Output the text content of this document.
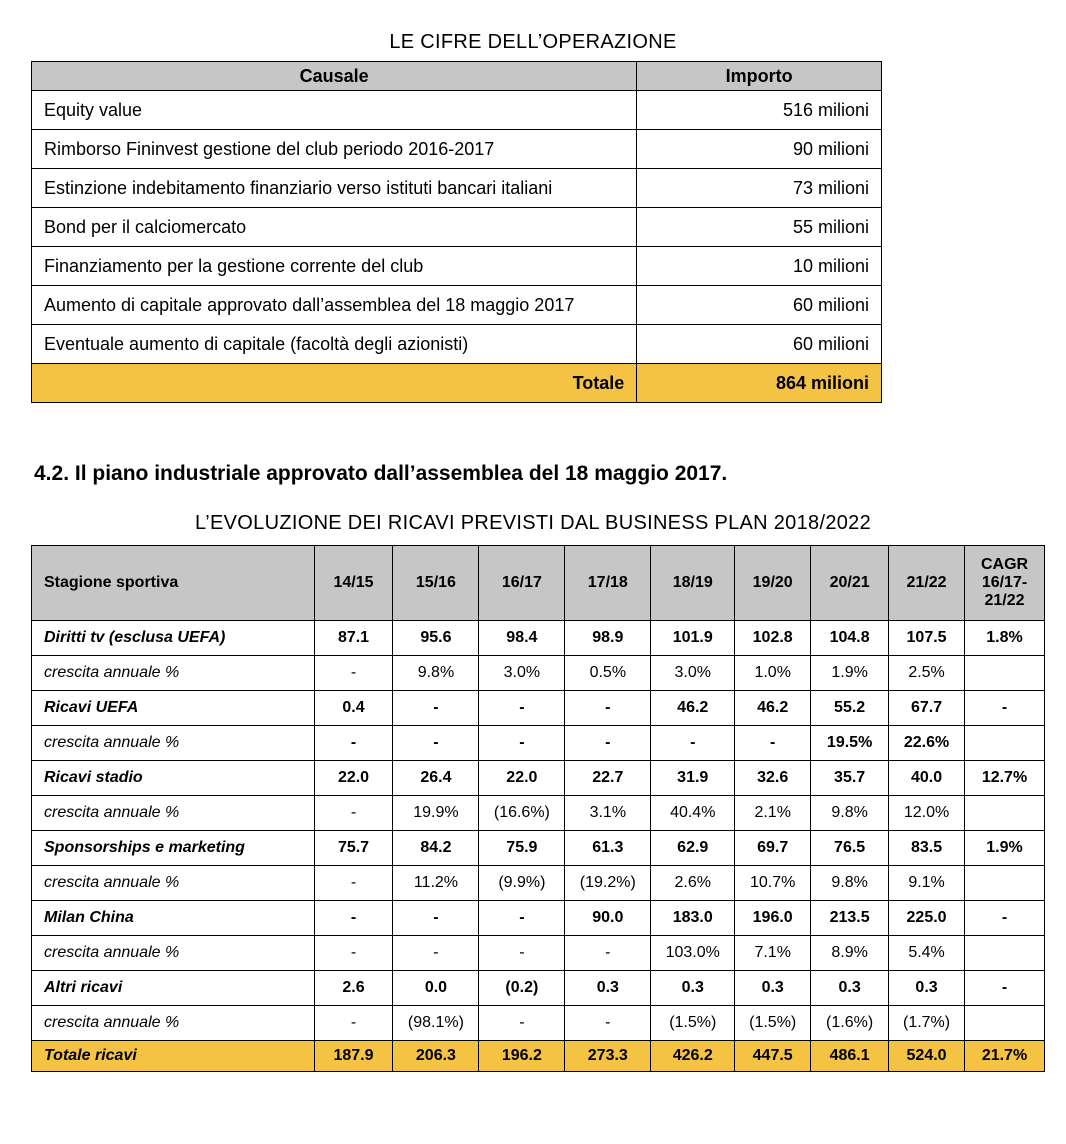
LE CIFRE DELL’OPERAZIONE
Causale	Importo
Equity value	516 milioni
Rimborso Fininvest gestione del club periodo 2016-2017	90 milioni
Estinzione indebitamento finanziario verso istituti bancari italiani	73 milioni
Bond per il calciomercato	55 milioni
Finanziamento per la gestione corrente del club	10 milioni
Aumento di capitale approvato dall’assemblea del 18 maggio 2017	60 milioni
Eventuale aumento di capitale (facoltà degli azionisti)	60 milioni
Totale	864 milioni
4.2. Il piano industriale approvato dall’assemblea del 18 maggio 2017.
L’EVOLUZIONE DEI RICAVI PREVISTI DAL BUSINESS PLAN 2018/2022
Stagione sportiva	14/15	15/16	16/17	17/18	18/19	19/20	20/21	21/22	CAGR 16/17-21/22
Diritti tv (esclusa UEFA)	87.1	95.6	98.4	98.9	101.9	102.8	104.8	107.5	1.8%
crescita annuale %	-	9.8%	3.0%	0.5%	3.0%	1.0%	1.9%	2.5%	
Ricavi UEFA	0.4	-	-	-	46.2	46.2	55.2	67.7	-
crescita annuale %	-	-	-	-	-	-	19.5%	22.6%	
Ricavi stadio	22.0	26.4	22.0	22.7	31.9	32.6	35.7	40.0	12.7%
crescita annuale %	-	19.9%	(16.6%)	3.1%	40.4%	2.1%	9.8%	12.0%	
Sponsorships e marketing	75.7	84.2	75.9	61.3	62.9	69.7	76.5	83.5	1.9%
crescita annuale %	-	11.2%	(9.9%)	(19.2%)	2.6%	10.7%	9.8%	9.1%	
Milan China	-	-	-	90.0	183.0	196.0	213.5	225.0	-
crescita annuale %	-	-	-	-	103.0%	7.1%	8.9%	5.4%	
Altri ricavi	2.6	0.0	(0.2)	0.3	0.3	0.3	0.3	0.3	-
crescita annuale %	-	(98.1%)	-	-	(1.5%)	(1.5%)	(1.6%)	(1.7%)	
Totale ricavi	187.9	206.3	196.2	273.3	426.2	447.5	486.1	524.0	21.7%
